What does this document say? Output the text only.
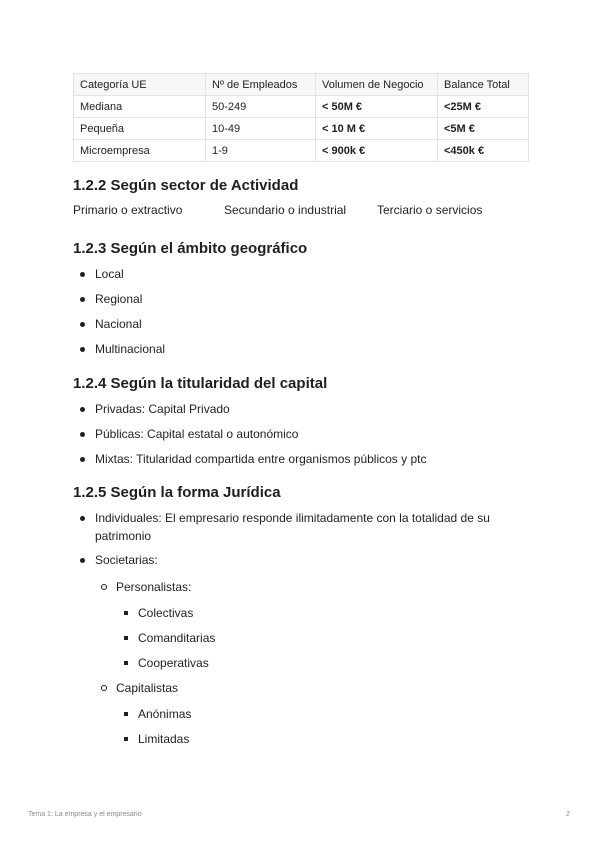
Categoría UE	Nº de Empleados	Volumen de Negocio	Balance Total
Mediana	50-249	< 50M €	<25M €
Pequeña	10-49	< 10 M €	<5M €
Microempresa	1-9	< 900k €	<450k €
1.2.2 Según sector de Actividad
Primario o extractivo	Secundario o industrial	Terciario o servicios
1.2.3 Según el ámbito geográfico
Local
Regional
Nacional
Multinacional
1.2.4 Según la titularidad del capital
Privadas: Capital Privado
Públicas: Capital estatal o autonómico
Mixtas: Titularidad compartida entre organismos públicos y ptc
1.2.5 Según la forma Jurídica
Individuales: El empresario responde ilimitadamente con la totalidad de su
patrimonio
Societarias:
Personalistas:
Colectivas
Comanditarias
Cooperativas
Capitalistas
Anónimas
Limitadas
Tema 1: La empresa y el empresario	2
